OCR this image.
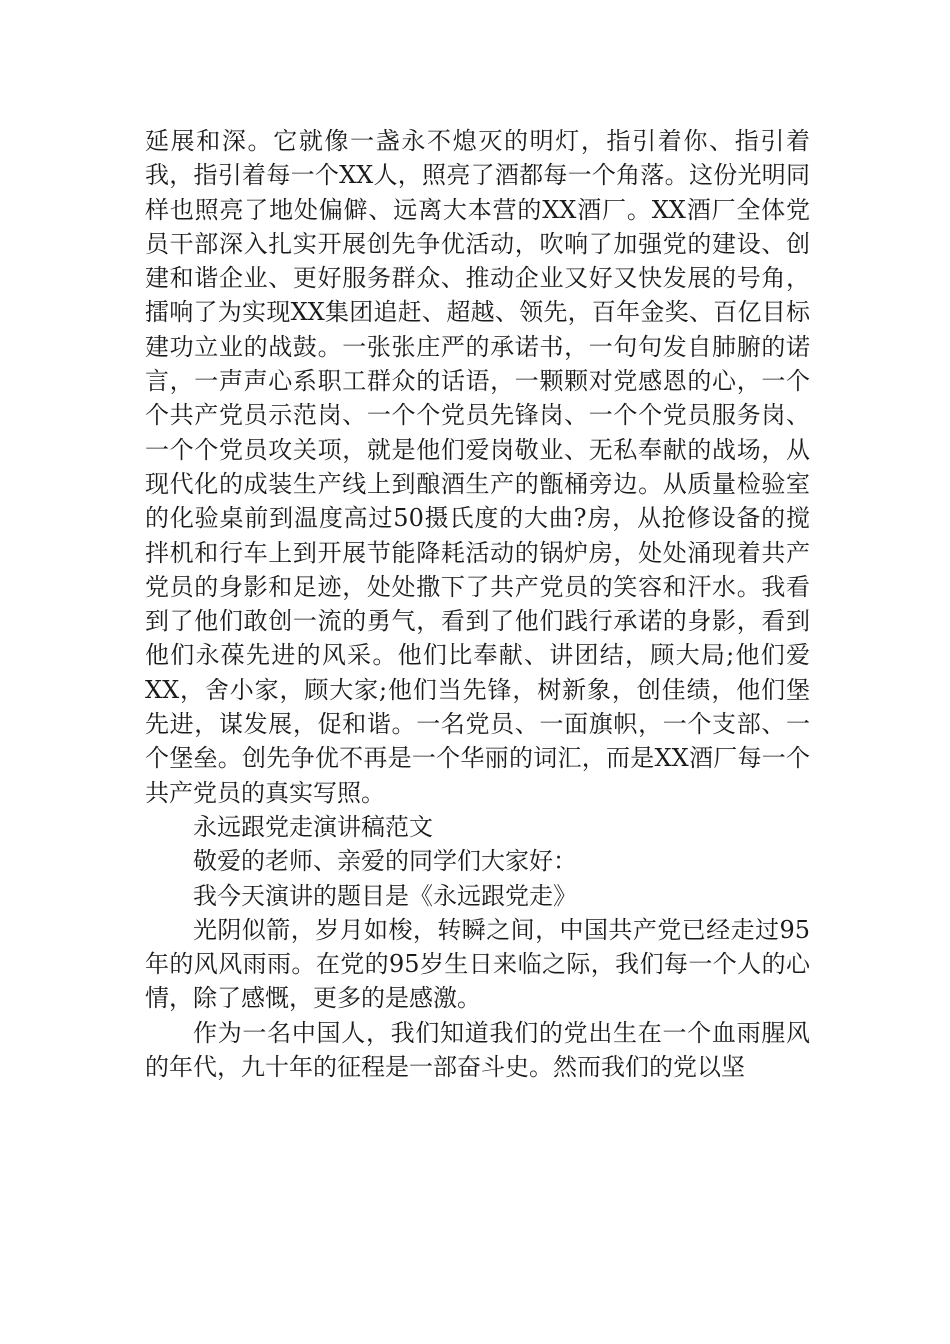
延展和深。它就像一盏永不熄灭的明灯，指引着你、指引着我，指引着每一个XX人，照亮了酒都每一个角落。这份光明同样也照亮了地处偏僻、远离大本营的XX酒厂。XX酒厂全体党员干部深入扎实开展创先争优活动，吹响了加强党的建设、创建和谐企业、更好服务群众、推动企业又好又快发展的号角，擂响了为实现XX集团追赶、超越、领先，百年金奖、百亿目标建功立业的战鼓。一张张庄严的承诺书，一句句发自肺腑的诺言，一声声心系职工群众的话语，一颗颗对党感恩的心，一个个共产党员示范岗、一个个党员先锋岗、一个个党员服务岗、一个个党员攻关项，就是他们爱岗敬业、无私奉献的战场，从现代化的成装生产线上到酿酒生产的甑桶旁边。从质量检验室的化验桌前到温度高过50摄氏度的大曲?房，从抢修设备的搅拌机和行车上到开展节能降耗活动的锅炉房，处处涌现着共产党员的身影和足迹，处处撒下了共产党员的笑容和汗水。我看到了他们敢创一流的勇气，看到了他们践行承诺的身影，看到他们永葆先进的风采。他们比奉献、讲团结，顾大局;他们爱XX，舍小家，顾大家;他们当先锋，树新象，创佳绩，他们堡先进，谋发展，促和谐。一名党员、一面旗帜，一个支部、一个堡垒。创先争优不再是一个华丽的词汇，而是XX酒厂每一个共产党员的真实写照。

永远跟党走演讲稿范文

敬爱的老师、亲爱的同学们大家好：

我今天演讲的题目是《永远跟党走》

光阴似箭，岁月如梭，转瞬之间，中国共产党已经走过95年的风风雨雨。在党的95岁生日来临之际，我们每一个人的心情，除了感慨，更多的是感激。

作为一名中国人，我们知道我们的党出生在一个血雨腥风的年代，九十年的征程是一部奋斗史。然而我们的党以坚
